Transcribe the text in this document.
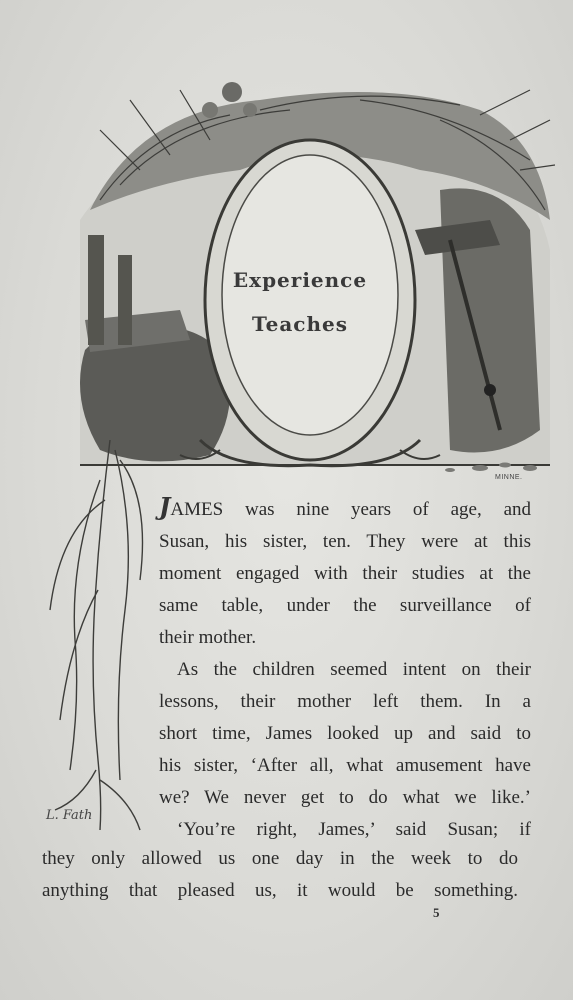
Experience
Teaches
MINNE.
L. Fath
JAMES was nine years of age, and
Susan, his sister, ten. They were at this
moment engaged with their studies at the
same table, under the surveillance of
their mother.
As the children seemed intent on their
lessons, their mother left them. In a
short time, James looked up and said to
his sister, ‘After all, what amusement have
we? We never get to do what we like.’
‘You’re right, James,’ said Susan; if
they only allowed us one day in the week to do
anything that pleased us, it would be something.
5
